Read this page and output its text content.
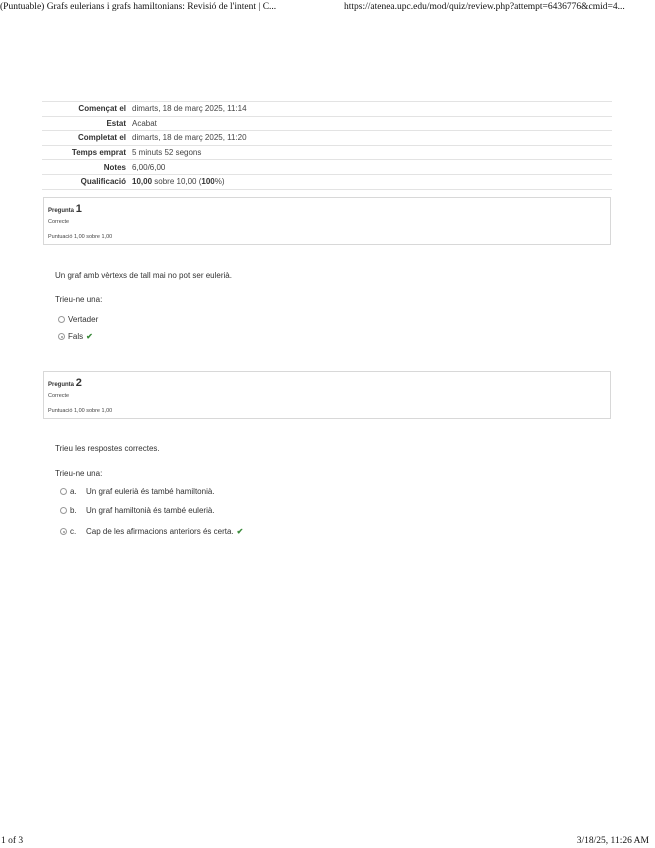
(Puntuable) Grafs eulerians i grafs hamiltonians: Revisió de l'intent | C...	https://atenea.upc.edu/mod/quiz/review.php?attempt=6436776&cmid=4...
Començat el	dimarts, 18 de març 2025, 11:14
Estat	Acabat
Completat el	dimarts, 18 de març 2025, 11:20
Temps emprat	5 minuts 52 segons
Notes	6,00/6,00
Qualificació	10,00 sobre 10,00 (100%)
Pregunta 1
Correcte
Puntuació 1,00 sobre 1,00
Un graf amb vèrtexs de tall mai no pot ser eulerià.
Trieu-ne una:
Vertader
Fals ✔
Pregunta 2
Correcte
Puntuació 1,00 sobre 1,00
Trieu les respostes correctes.
Trieu-ne una:
a.	Un graf eulerià és també hamiltonià.
b.	Un graf hamiltonià és també eulerià.
c.	Cap de les afirmacions anteriors és certa. ✔
1 of 3	3/18/25, 11:26 AM
